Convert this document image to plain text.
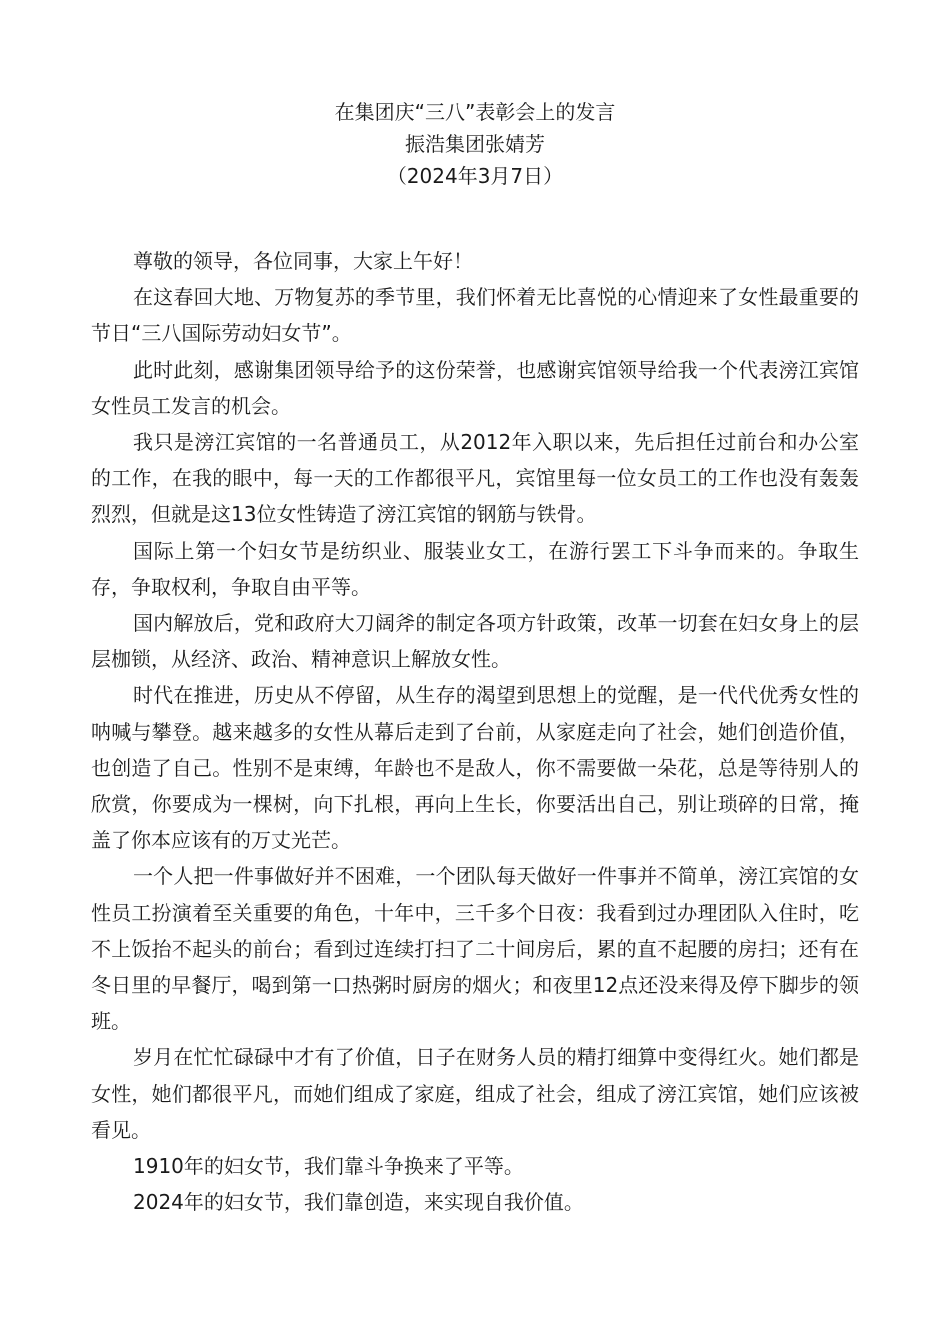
在集团庆“三八”表彰会上的发言
振浩集团张婧芳
（2024年3月7日）

尊敬的领导，各位同事，大家上午好！

在这春回大地、万物复苏的季节里，我们怀着无比喜悦的心情迎来了女性最重要的节日“三八国际劳动妇女节”。

此时此刻，感谢集团领导给予的这份荣誉，也感谢宾馆领导给我一个代表滂江宾馆女性员工发言的机会。

我只是滂江宾馆的一名普通员工，从2012年入职以来，先后担任过前台和办公室的工作，在我的眼中，每一天的工作都很平凡，宾馆里每一位女员工的工作也没有轰轰烈烈，但就是这13位女性铸造了滂江宾馆的钢筋与铁骨。

国际上第一个妇女节是纺织业、服装业女工，在游行罢工下斗争而来的。争取生存，争取权利，争取自由平等。

国内解放后，党和政府大刀阔斧的制定各项方针政策，改革一切套在妇女身上的层层枷锁，从经济、政治、精神意识上解放女性。

时代在推进，历史从不停留，从生存的渴望到思想上的觉醒，是一代代优秀女性的呐喊与攀登。越来越多的女性从幕后走到了台前，从家庭走向了社会，她们创造价值，也创造了自己。性别不是束缚，年龄也不是敌人，你不需要做一朵花，总是等待别人的欣赏，你要成为一棵树，向下扎根，再向上生长，你要活出自己，别让琐碎的日常，掩盖了你本应该有的万丈光芒。

一个人把一件事做好并不困难，一个团队每天做好一件事并不简单，滂江宾馆的女性员工扮演着至关重要的角色，十年中，三千多个日夜：我看到过办理团队入住时，吃不上饭抬不起头的前台；看到过连续打扫了二十间房后，累的直不起腰的房扫；还有在冬日里的早餐厅，喝到第一口热粥时厨房的烟火；和夜里12点还没来得及停下脚步的领班。

岁月在忙忙碌碌中才有了价值，日子在财务人员的精打细算中变得红火。她们都是女性，她们都很平凡，而她们组成了家庭，组成了社会，组成了滂江宾馆，她们应该被看见。

1910年的妇女节，我们靠斗争换来了平等。

2024年的妇女节，我们靠创造，来实现自我价值。
